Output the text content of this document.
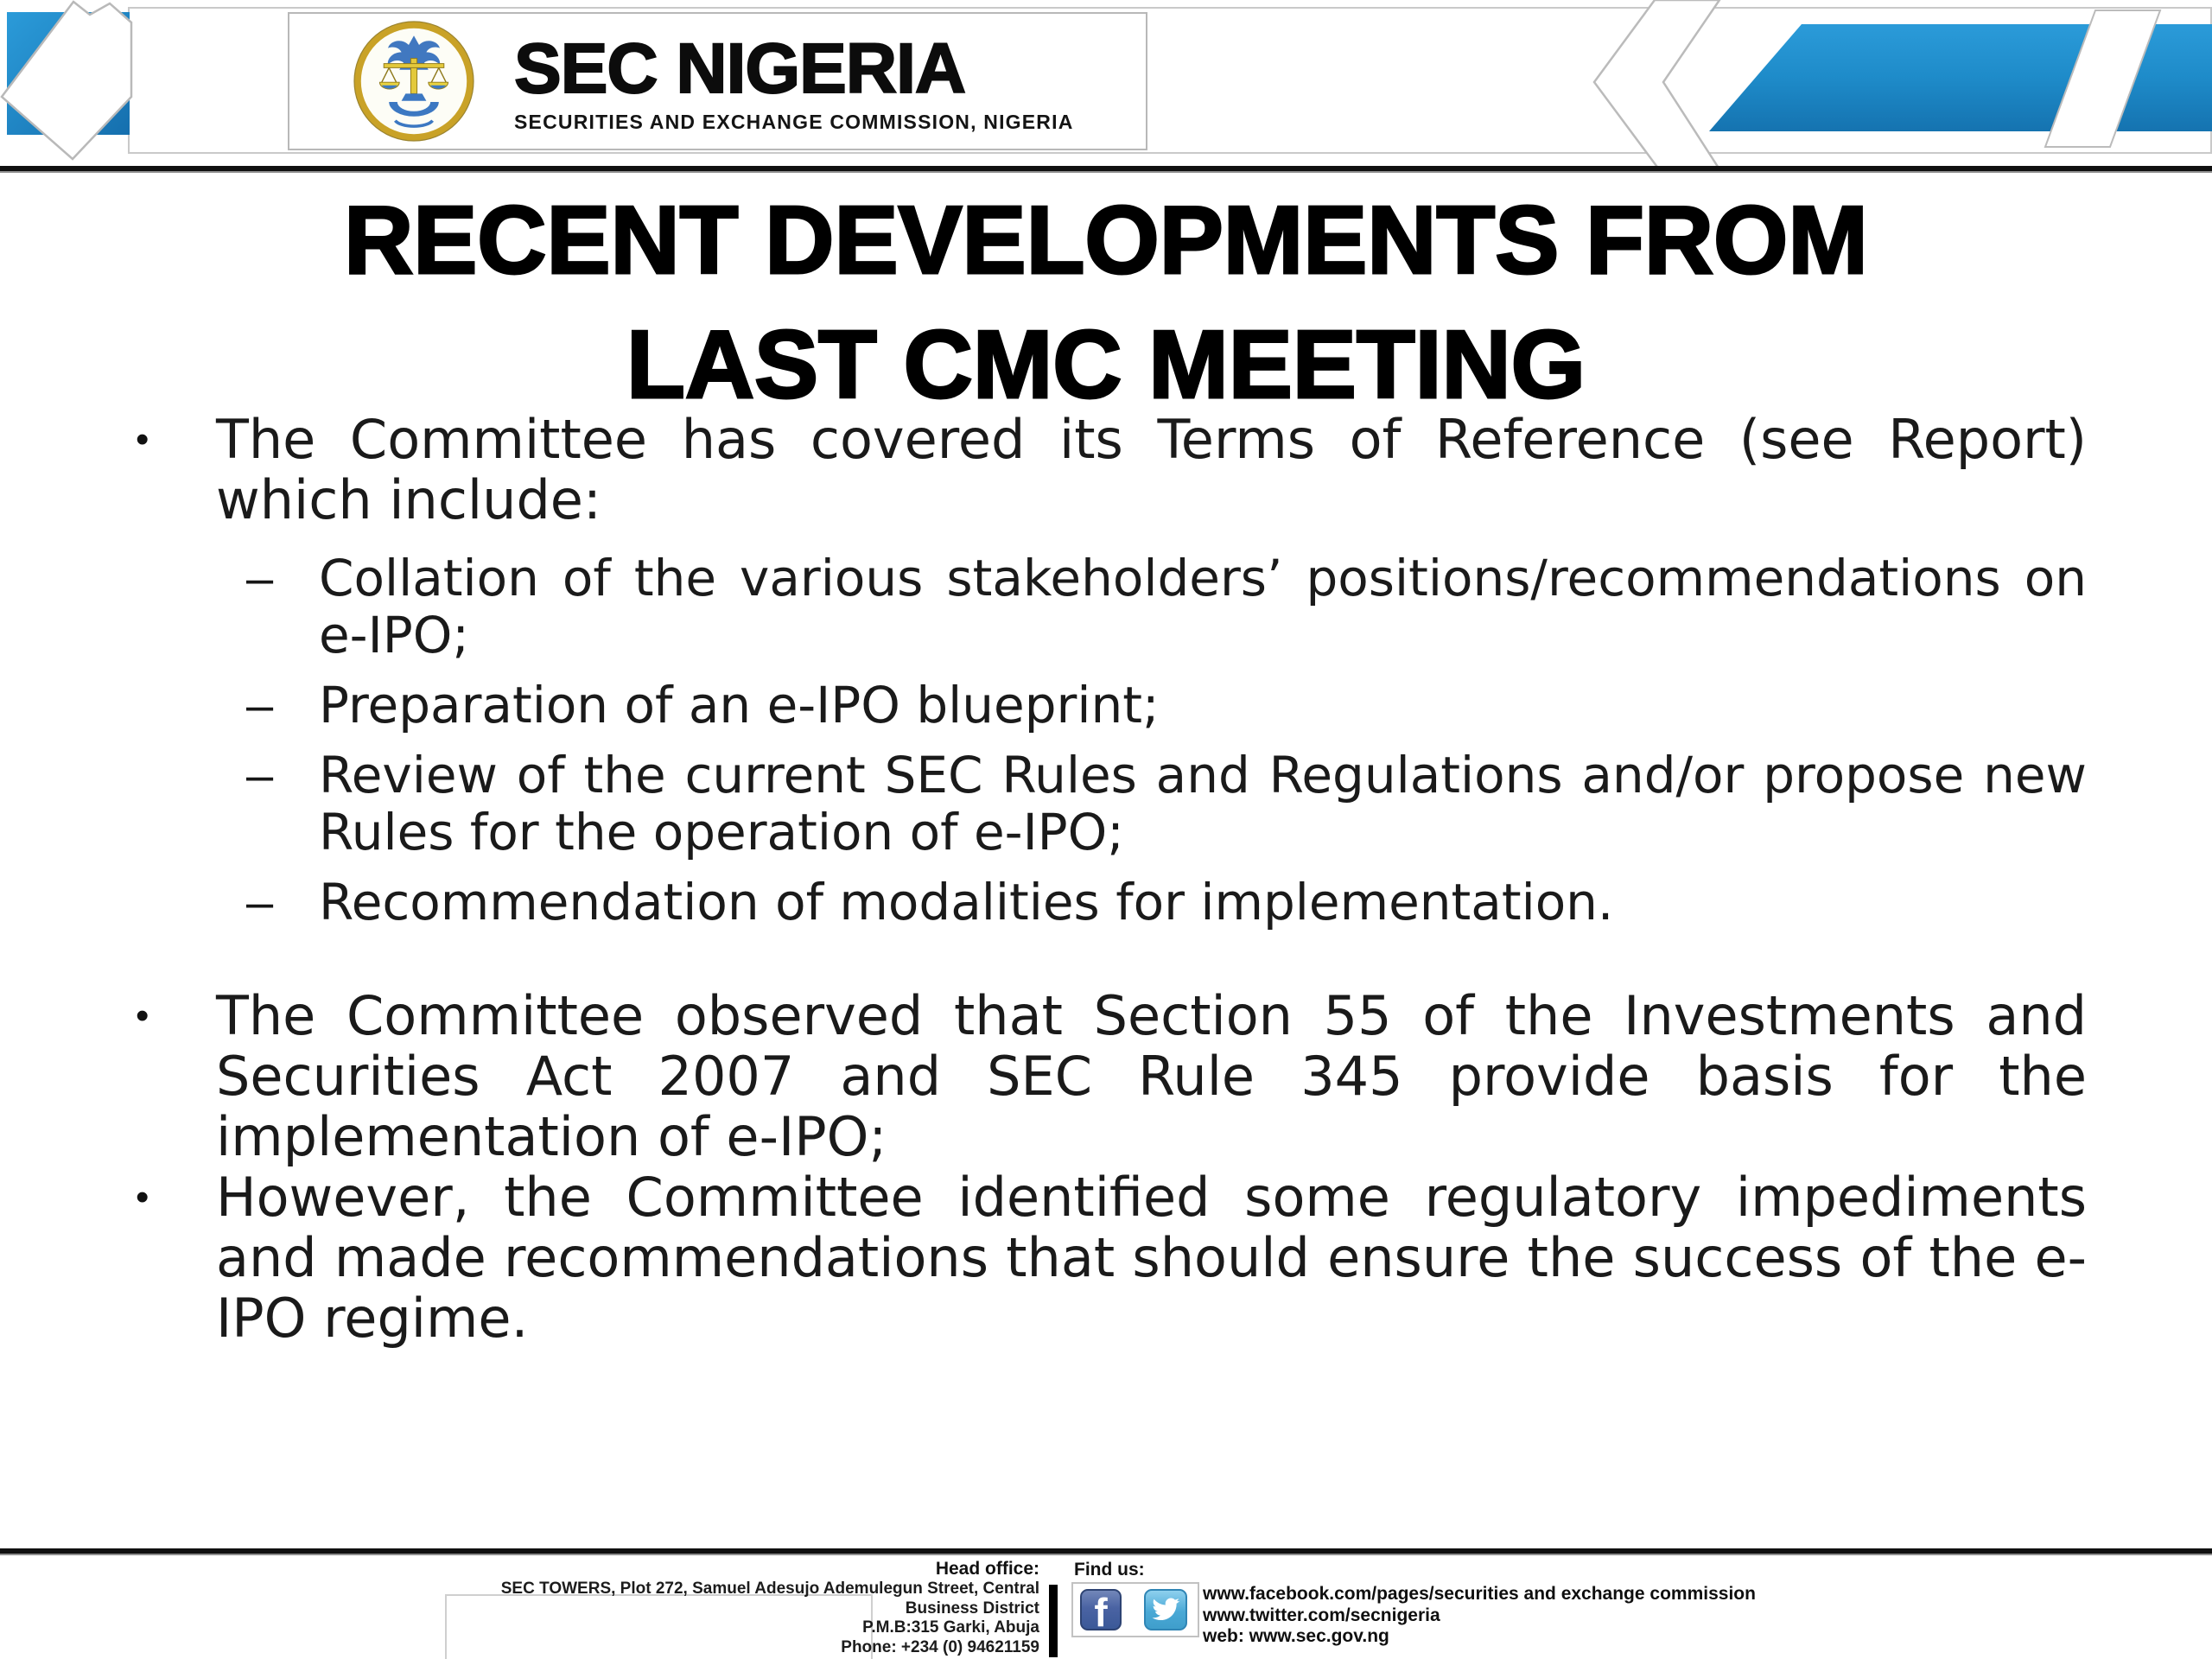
SEC NIGERIA
SECURITIES AND EXCHANGE COMMISSION, NIGERIA
RECENT DEVELOPMENTS FROM
LAST CMC MEETING
•	The Committee has covered its Terms of Reference (see Report) which include:
– Collation of the various stakeholders’ positions/recommendations on e-IPO;
– Preparation of an e-IPO blueprint;
– Review of the current SEC Rules and Regulations and/or propose new Rules for the operation of e-IPO;
– Recommendation of modalities for implementation.
•	The Committee observed that Section 55 of the Investments and Securities Act 2007 and SEC Rule 345 provide basis for the implementation of e-IPO;
•	However, the Committee identified some regulatory impediments and made recommendations that should ensure the success of the e-IPO regime.
Head office:
SEC TOWERS, Plot 272, Samuel Adesujo Ademulegun Street, Central
Business District
P.M.B:315 Garki, Abuja
Phone: +234 (0) 94621159
Find us:
f	www.facebook.com/pages/securities and exchange commission
www.twitter.com/secnigeria
web: www.sec.gov.ng
